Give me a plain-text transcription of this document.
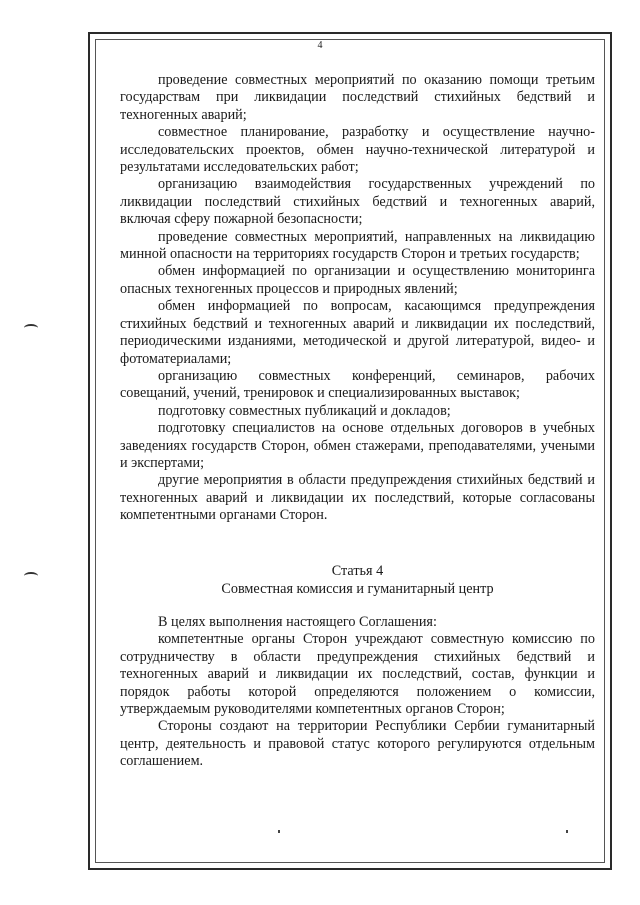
4

проведение совместных мероприятий по оказанию помощи третьим государствам при ликвидации последствий стихийных бедствий и техногенных аварий;

совместное планирование, разработку и осуществление научно-исследовательских проектов, обмен научно-технической литературой и результатами исследовательских работ;

организацию взаимодействия государственных учреждений по ликвидации последствий стихийных бедствий и техногенных аварий, включая сферу пожарной безопасности;

проведение совместных мероприятий, направленных на ликвидацию минной опасности на территориях государств Сторон и третьих государств;

обмен информацией по организации и осуществлению мониторинга опасных техногенных процессов и природных явлений;

обмен информацией по вопросам, касающимся предупреждения стихийных бедствий и техногенных аварий и ликвидации их последствий, периодическими изданиями, методической и другой литературой, видео- и фотоматериалами;

организацию совместных конференций, семинаров, рабочих совещаний, учений, тренировок и специализированных выставок;

подготовку совместных публикаций и докладов;

подготовку специалистов на основе отдельных договоров в учебных заведениях государств Сторон, обмен стажерами, преподавателями, учеными и экспертами;

другие мероприятия в области предупреждения стихийных бедствий и техногенных аварий и ликвидации их последствий, которые согласованы компетентными органами Сторон.

Статья 4
Совместная комиссия и гуманитарный центр

В целях выполнения настоящего Соглашения:

компетентные органы Сторон учреждают совместную комиссию по сотрудничеству в области предупреждения стихийных бедствий и техногенных аварий и ликвидации их последствий, состав, функции и порядок работы которой определяются положением о комиссии, утверждаемым руководителями компетентных органов Сторон;

Стороны создают на территории Республики Сербии гуманитарный центр, деятельность и правовой статус которого регулируются отдельным соглашением.
